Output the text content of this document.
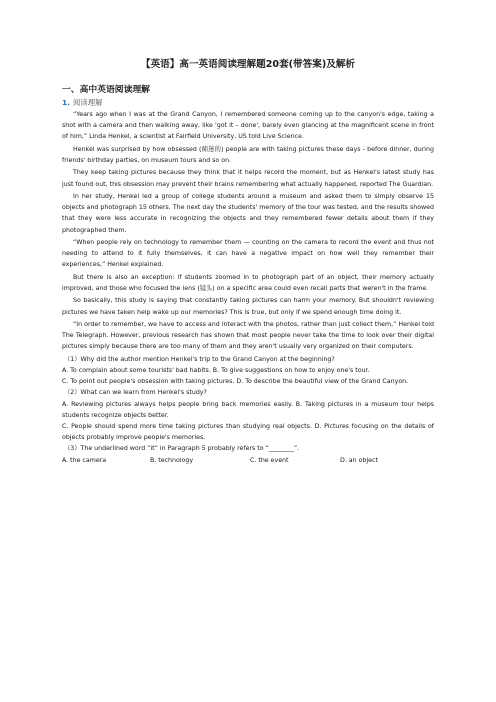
【英语】高一英语阅读理解题20套(带答案)及解析
一、高中英语阅读理解
1. 阅读理解

“Years ago when I was at the Grand Canyon, I remembered someone coming up to the canyon's edge, taking a shot with a camera and then walking away, like 'got it – done', barely even glancing at the magnificent scene in front of him,” Linda Henkel, a scientist at Fairfield University, US told Live Science.

Henkel was surprised by how obsessed (痴迷的) people are with taking pictures these days - before dinner, during friends' birthday parties, on museum tours and so on.

They keep taking pictures because they think that it helps record the moment, but as Henkel's latest study has just found out, this obsession may prevent their brains remembering what actually happened, reported The Guardian.

In her study, Henkel led a group of college students around a museum and asked them to simply observe 15 objects and photograph 15 others. The next day the students' memory of the tour was tested, and the results showed that they were less accurate in recognizing the objects and they remembered fewer details about them if they photographed them.

“When people rely on technology to remember them — counting on the camera to record the event and thus not needing to attend to it fully themselves, it can have a negative impact on how well they remember their experiences,” Henkel explained.

But there is also an exception: if students zoomed in to photograph part of an object, their memory actually improved, and those who focused the lens (镜头) on a specific area could even recall parts that weren't in the frame.

So basically, this study is saying that constantly taking pictures can harm your memory. But shouldn't reviewing pictures we have taken help wake up our memories? This is true, but only if we spend enough time doing it.

“In order to remember, we have to access and interact with the photos, rather than just collect them,” Henkel told The Telegraph. However, previous research has shown that most people never take the time to look over their digital pictures simply because there are too many of them and they aren't usually very organized on their computers.

（1）Why did the author mention Henkel's trip to the Grand Canyon at the beginning?

A. To complain about some tourists' bad habits. B. To give suggestions on how to enjoy one's tour.

C. To point out people's obsession with taking pictures. D. To describe the beautiful view of the Grand Canyon.

（2）What can we learn from Henkel's study?

A. Reviewing pictures always helps people bring back memories easily. B. Taking pictures in a museum tour helps students recognize objects better.

C. People should spend more time taking pictures than studying real objects. D. Pictures focusing on the details of objects probably improve people's memories.

（3）The underlined word “it” in Paragraph 5 probably refers to “________”.

A. the camera	B. technology	C. the event	D. an object
